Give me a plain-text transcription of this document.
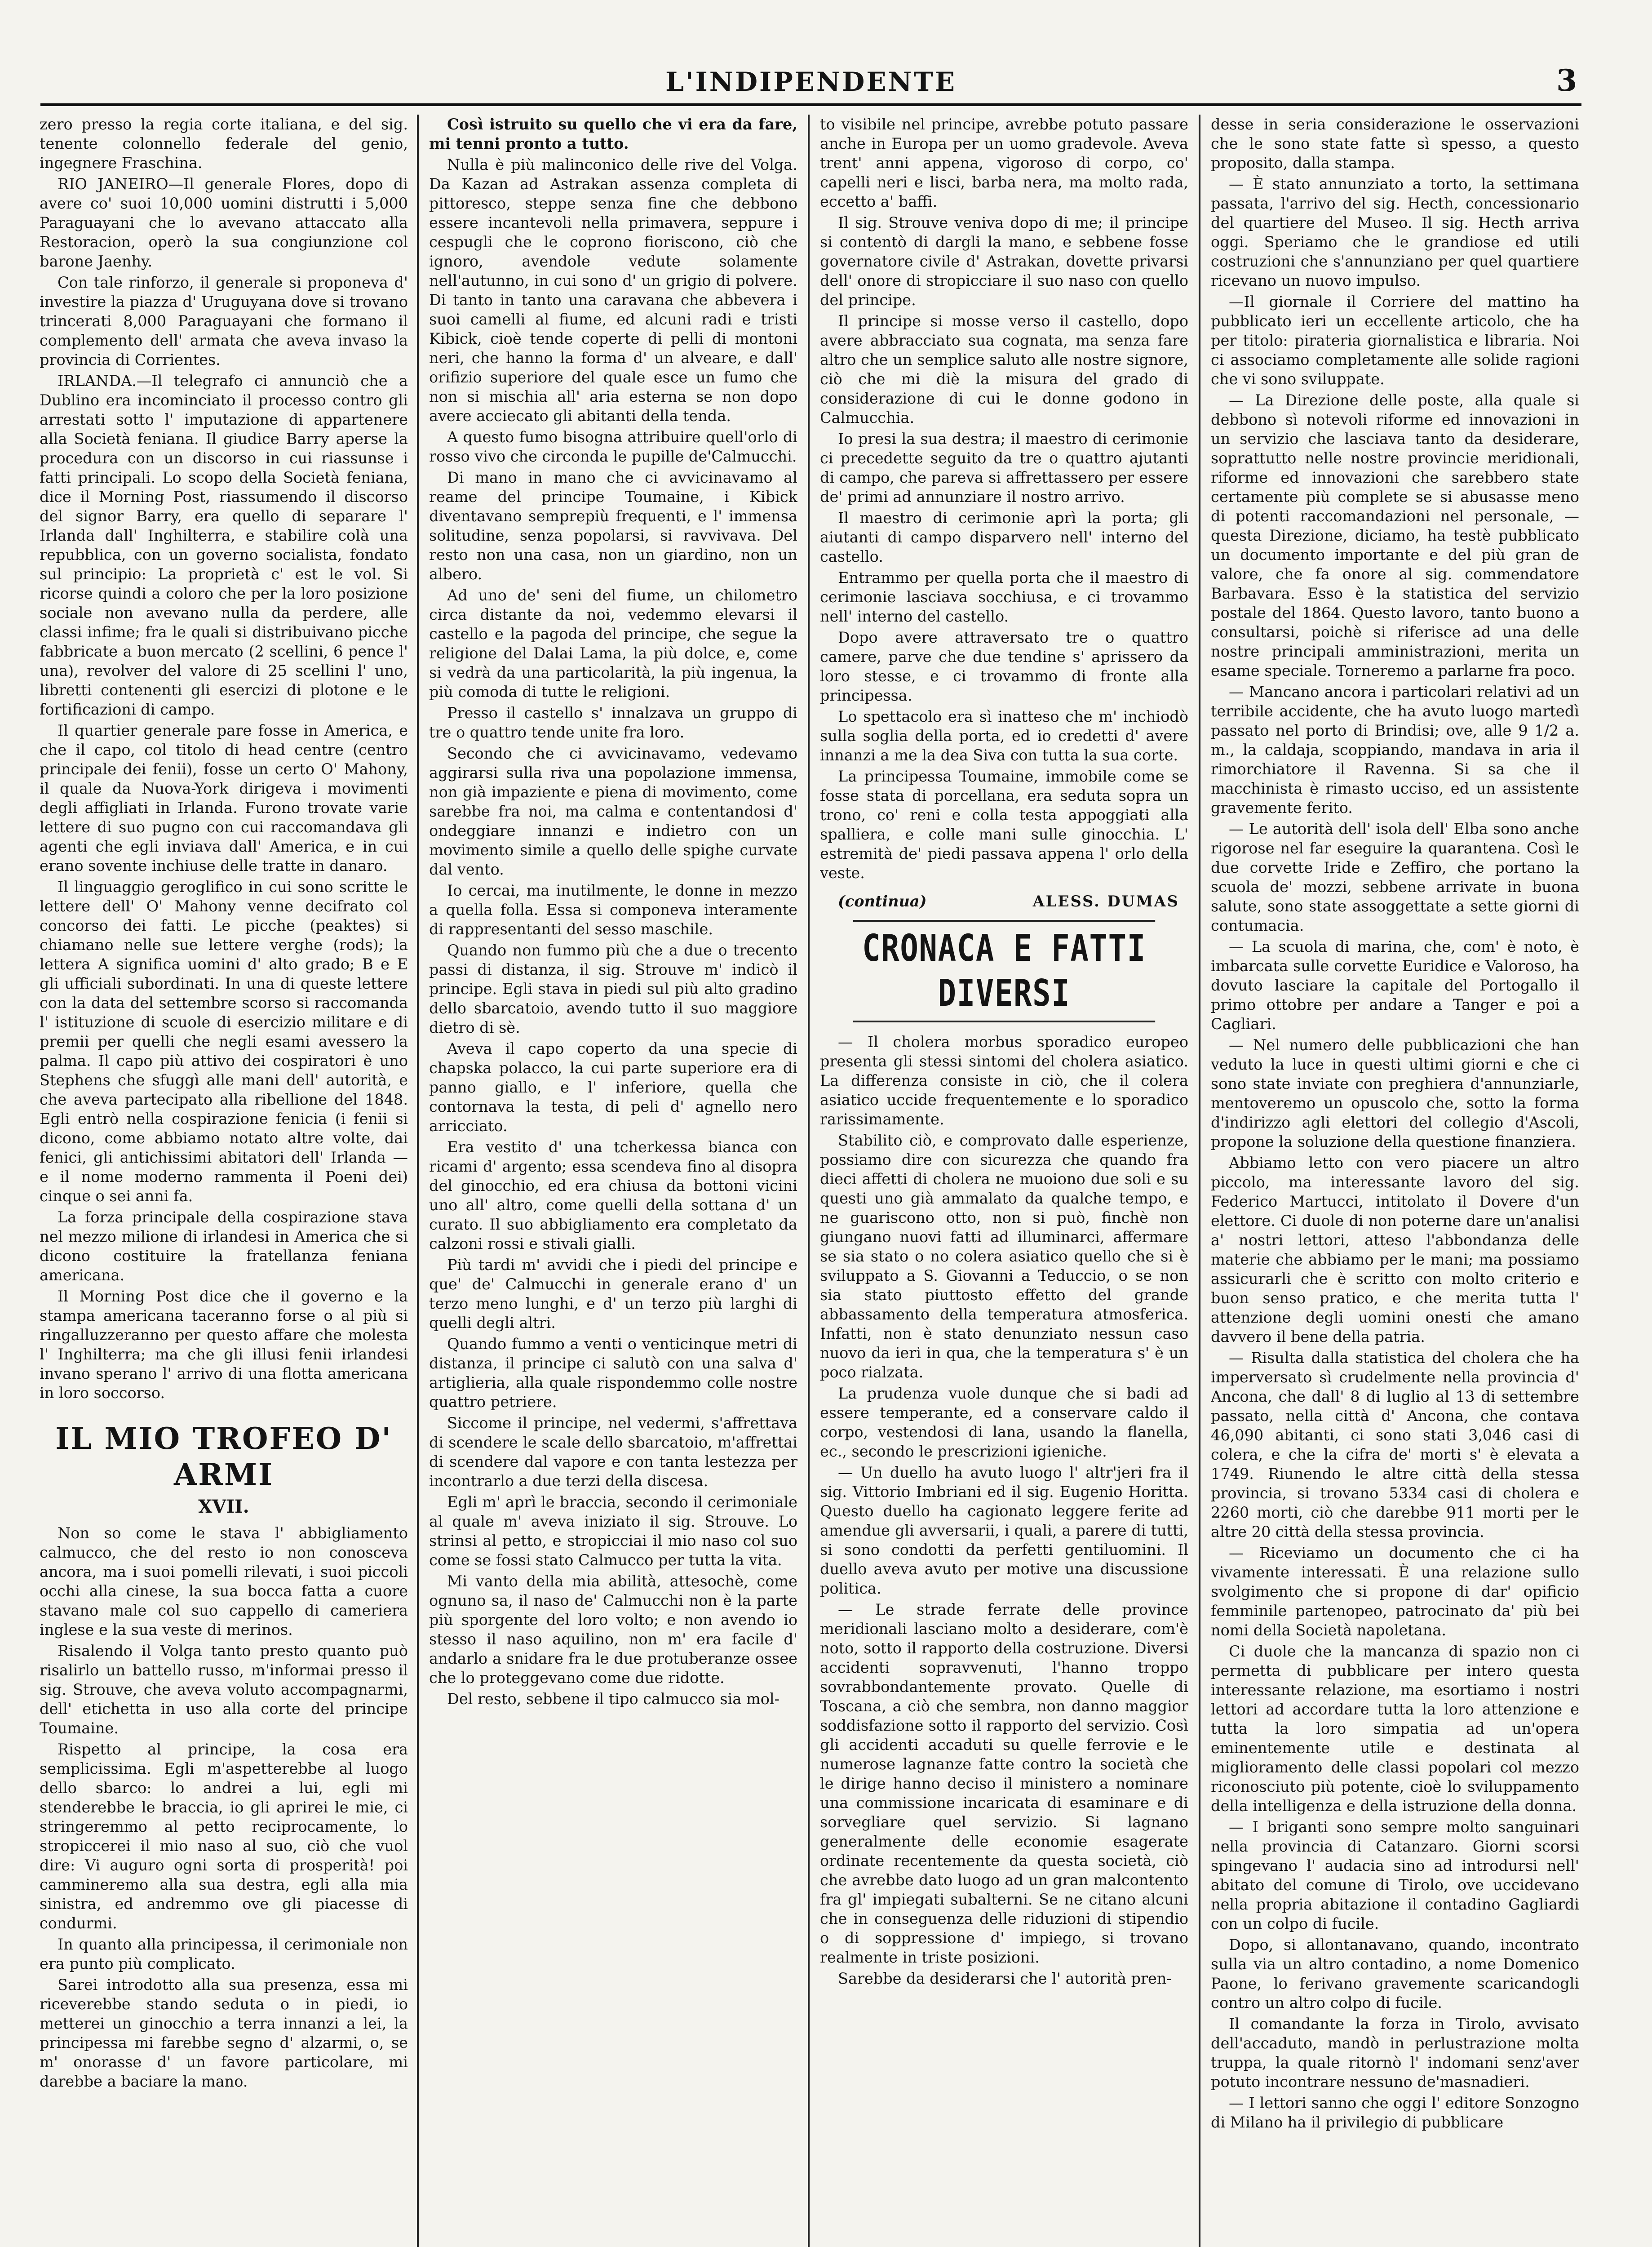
L'INDIPENDENTE	3

zero presso la regia corte italiana, e del sig. tenente colonnello federale del genio, ingegnere Fraschina.

RIO JANEIRO—Il generale Flores, dopo di avere co' suoi 10,000 uomini distrutti i 5,000 Paraguayani che lo avevano attaccato alla Restoracion, operò la sua congiunzione col barone Jaenhy.

Con tale rinforzo, il generale si proponeva d' investire la piazza d' Uruguyana dove si trovano trincerati 8,000 Paraguayani che formano il complemento dell' armata che aveva invaso la provincia di Corrientes.

IRLANDA.—Il telegrafo ci annunciò che a Dublino era incominciato il processo contro gli arrestati sotto l' imputazione di appartenere alla Società feniana. Il giudice Barry aperse la procedura con un discorso in cui riassunse i fatti principali. Lo scopo della Società feniana, dice il Morning Post, riassumendo il discorso del signor Barry, era quello di separare l' Irlanda dall' Inghilterra, e stabilire colà una repubblica, con un governo socialista, fondato sul principio: La proprietà c' est le vol. Si ricorse quindi a coloro che per la loro posizione sociale non avevano nulla da perdere, alle classi infime; fra le quali si distribuivano picche fabbricate a buon mercato (2 scellini, 6 pence l' una), revolver del valore di 25 scellini l' uno, libretti contenenti gli esercizi di plotone e le fortificazioni di campo.

Il quartier generale pare fosse in America, e che il capo, col titolo di head centre (centro principale dei fenii), fosse un certo O' Mahony, il quale da Nuova-York dirigeva i movimenti degli affigliati in Irlanda. Furono trovate varie lettere di suo pugno con cui raccomandava gli agenti che egli inviava dall' America, e in cui erano sovente inchiuse delle tratte in danaro.

Il linguaggio geroglifico in cui sono scritte le lettere dell' O' Mahony venne decifrato col concorso dei fatti. Le picche (peaktes) si chiamano nelle sue lettere verghe (rods); la lettera A significa uomini d' alto grado; B e E gli ufficiali subordinati. In una di queste lettere con la data del settembre scorso si raccomanda l' istituzione di scuole di esercizio militare e di premii per quelli che negli esami avessero la palma. Il capo più attivo dei cospiratori è uno Stephens che sfuggì alle mani dell' autorità, e che aveva partecipato alla ribellione del 1848. Egli entrò nella cospirazione fenicia (i fenii si dicono, come abbiamo notato altre volte, dai fenici, gli antichissimi abitatori dell' Irlanda — e il nome moderno rammenta il Poeni dei) cinque o sei anni fa.

La forza principale della cospirazione stava nel mezzo milione di irlandesi in America che si dicono costituire la fratellanza feniana americana.

Il Morning Post dice che il governo e la stampa americana taceranno forse o al più si ringalluzzeranno per questo affare che molesta l' Inghilterra; ma che gli illusi fenii irlandesi invano sperano l' arrivo di una flotta americana in loro soccorso.

IL MIO TROFEO D' ARMI
XVII.

Non so come le stava l' abbigliamento calmucco, che del resto io non conosceva ancora, ma i suoi pomelli rilevati, i suoi piccoli occhi alla cinese, la sua bocca fatta a cuore stavano male col suo cappello di cameriera inglese e la sua veste di merinos.

Risalendo il Volga tanto presto quanto può risalirlo un battello russo, m'informai presso il sig. Strouve, che aveva voluto accompagnarmi, dell' etichetta in uso alla corte del principe Toumaine.

Rispetto al principe, la cosa era semplicissima. Egli m'aspetterebbe al luogo dello sbarco: lo andrei a lui, egli mi stenderebbe le braccia, io gli aprirei le mie, ci stringeremmo al petto reciprocamente, lo stropiccerei il mio naso al suo, ciò che vuol dire: Vi auguro ogni sorta di prosperità! poi cammineremo alla sua destra, egli alla mia sinistra, ed andremmo ove gli piacesse di condurmi.

In quanto alla principessa, il cerimoniale non era punto più complicato.

Sarei introdotto alla sua presenza, essa mi riceverebbe stando seduta o in piedi, io metterei un ginocchio a terra innanzi a lei, la principessa mi farebbe segno d' alzarmi, o, se m' onorasse d' un favore particolare, mi darebbe a baciare la mano.

Così istruito su quello che vi era da fare, mi tenni pronto a tutto.

Nulla è più malinconico delle rive del Volga. Da Kazan ad Astrakan assenza completa di pittoresco, steppe senza fine che debbono essere incantevoli nella primavera, seppure i cespugli che le coprono fioriscono, ciò che ignoro, avendole vedute solamente nell'autunno, in cui sono d' un grigio di polvere. Di tanto in tanto una caravana che abbevera i suoi camelli al fiume, ed alcuni radi e tristi Kibick, cioè tende coperte di pelli di montoni neri, che hanno la forma d' un alveare, e dall' orifizio superiore del quale esce un fumo che non si mischia all' aria esterna se non dopo avere acciecato gli abitanti della tenda.

A questo fumo bisogna attribuire quell'orlo di rosso vivo che circonda le pupille de'Calmucchi.

Di mano in mano che ci avvicinavamo al reame del principe Toumaine, i Kibick diventavano semprepiù frequenti, e l' immensa solitudine, senza popolarsi, si ravvivava. Del resto non una casa, non un giardino, non un albero.

Ad uno de' seni del fiume, un chilometro circa distante da noi, vedemmo elevarsi il castello e la pagoda del principe, che segue la religione del Dalai Lama, la più dolce, e, come si vedrà da una particolarità, la più ingenua, la più comoda di tutte le religioni.

Presso il castello s' innalzava un gruppo di tre o quattro tende unite fra loro.

Secondo che ci avvicinavamo, vedevamo aggirarsi sulla riva una popolazione immensa, non già impaziente e piena di movimento, come sarebbe fra noi, ma calma e contentandosi d' ondeggiare innanzi e indietro con un movimento simile a quello delle spighe curvate dal vento.

Io cercai, ma inutilmente, le donne in mezzo a quella folla. Essa si componeva interamente di rappresentanti del sesso maschile.

Quando non fummo più che a due o trecento passi di distanza, il sig. Strouve m' indicò il principe. Egli stava in piedi sul più alto gradino dello sbarcatoio, avendo tutto il suo maggiore dietro di sè.

Aveva il capo coperto da una specie di chapska polacco, la cui parte superiore era di panno giallo, e l' inferiore, quella che contornava la testa, di peli d' agnello nero arricciato.

Era vestito d' una tcherkessa bianca con ricami d' argento; essa scendeva fino al disopra del ginocchio, ed era chiusa da bottoni vicini uno all' altro, come quelli della sottana d' un curato. Il suo abbigliamento era completato da calzoni rossi e stivali gialli.

Più tardi m' avvidi che i piedi del principe e que' de' Calmucchi in generale erano d' un terzo meno lunghi, e d' un terzo più larghi di quelli degli altri.

Quando fummo a venti o venticinque metri di distanza, il principe ci salutò con una salva d' artiglieria, alla quale rispondemmo colle nostre quattro petriere.

Siccome il principe, nel vedermi, s'affrettava di scendere le scale dello sbarcatoio, m'affrettai di scendere dal vapore e con tanta lestezza per incontrarlo a due terzi della discesa.

Egli m' aprì le braccia, secondo il cerimoniale al quale m' aveva iniziato il sig. Strouve. Lo strinsi al petto, e stropicciai il mio naso col suo come se fossi stato Calmucco per tutta la vita.

Mi vanto della mia abilità, attesochè, come ognuno sa, il naso de' Calmucchi non è la parte più sporgente del loro volto; e non avendo io stesso il naso aquilino, non m' era facile d' andarlo a snidare fra le due protuberanze ossee che lo proteggevano come due ridotte.

Del resto, sebbene il tipo calmucco sia mol-

to visibile nel principe, avrebbe potuto passare anche in Europa per un uomo gradevole. Aveva trent' anni appena, vigoroso di corpo, co' capelli neri e lisci, barba nera, ma molto rada, eccetto a' baffi.

Il sig. Strouve veniva dopo di me; il principe si contentò di dargli la mano, e sebbene fosse governatore civile d' Astrakan, dovette privarsi dell' onore di stropicciare il suo naso con quello del principe.

Il principe si mosse verso il castello, dopo avere abbracciato sua cognata, ma senza fare altro che un semplice saluto alle nostre signore, ciò che mi diè la misura del grado di considerazione di cui le donne godono in Calmucchia.

Io presi la sua destra; il maestro di cerimonie ci precedette seguito da tre o quattro ajutanti di campo, che pareva si affrettassero per essere de' primi ad annunziare il nostro arrivo.

Il maestro di cerimonie aprì la porta; gli aiutanti di campo disparvero nell' interno del castello.

Entrammo per quella porta che il maestro di cerimonie lasciava socchiusa, e ci trovammo nell' interno del castello.

Dopo avere attraversato tre o quattro camere, parve che due tendine s' aprissero da loro stesse, e ci trovammo di fronte alla principessa.

Lo spettacolo era sì inatteso che m' inchiodò sulla soglia della porta, ed io credetti d' avere innanzi a me la dea Siva con tutta la sua corte.

La principessa Toumaine, immobile come se fosse stata di porcellana, era seduta sopra un trono, co' reni e colla testa appoggiati alla spalliera, e colle mani sulle ginocchia. L' estremità de' piedi passava appena l' orlo della veste.

(continua)	ALESS. DUMAS
CRONACA E FATTI DIVERSI

— Il cholera morbus sporadico europeo presenta gli stessi sintomi del cholera asiatico. La differenza consiste in ciò, che il colera asiatico uccide frequentemente e lo sporadico rarissimamente.

Stabilito ciò, e comprovato dalle esperienze, possiamo dire con sicurezza che quando fra dieci affetti di cholera ne muoiono due soli e su questi uno già ammalato da qualche tempo, e ne guariscono otto, non si può, finchè non giungano nuovi fatti ad illuminarci, affermare se sia stato o no colera asiatico quello che si è sviluppato a S. Giovanni a Teduccio, o se non sia stato piuttosto effetto del grande abbassamento della temperatura atmosferica. Infatti, non è stato denunziato nessun caso nuovo da ieri in qua, che la temperatura s' è un poco rialzata.

La prudenza vuole dunque che si badi ad essere temperante, ed a conservare caldo il corpo, vestendosi di lana, usando la flanella, ec., secondo le prescrizioni igieniche.

— Un duello ha avuto luogo l' altr'jeri fra il sig. Vittorio Imbriani ed il sig. Eugenio Horitta. Questo duello ha cagionato leggere ferite ad amendue gli avversarii, i quali, a parere di tutti, si sono condotti da perfetti gentiluomini. Il duello aveva avuto per motive una discussione politica.

— Le strade ferrate delle province meridionali lasciano molto a desiderare, com'è noto, sotto il rapporto della costruzione. Diversi accidenti sopravvenuti, l'hanno troppo sovrabbondantemente provato. Quelle di Toscana, a ciò che sembra, non danno maggior soddisfazione sotto il rapporto del servizio. Così gli accidenti accaduti su quelle ferrovie e le numerose lagnanze fatte contro la società che le dirige hanno deciso il ministero a nominare una commissione incaricata di esaminare e di sorvegliare quel servizio. Si lagnano generalmente delle economie esagerate ordinate recentemente da questa società, ciò che avrebbe dato luogo ad un gran malcontento fra gl' impiegati subalterni. Se ne citano alcuni che in conseguenza delle riduzioni di stipendio o di soppressione d' impiego, si trovano realmente in triste posizioni.

Sarebbe da desiderarsi che l' autorità pren-

desse in seria considerazione le osservazioni che le sono state fatte sì spesso, a questo proposito, dalla stampa.

— È stato annunziato a torto, la settimana passata, l'arrivo del sig. Hecth, concessionario del quartiere del Museo. Il sig. Hecth arriva oggi. Speriamo che le grandiose ed utili costruzioni che s'annunziano per quel quartiere ricevano un nuovo impulso.

—Il giornale il Corriere del mattino ha pubblicato ieri un eccellente articolo, che ha per titolo: pirateria giornalistica e libraria. Noi ci associamo completamente alle solide ragioni che vi sono sviluppate.

— La Direzione delle poste, alla quale si debbono sì notevoli riforme ed innovazioni in un servizio che lasciava tanto da desiderare, soprattutto nelle nostre provincie meridionali, riforme ed innovazioni che sarebbero state certamente più complete se si abusasse meno di potenti raccomandazioni nel personale, — questa Direzione, diciamo, ha testè pubblicato un documento importante e del più gran de valore, che fa onore al sig. commendatore Barbavara. Esso è la statistica del servizio postale del 1864. Questo lavoro, tanto buono a consultarsi, poichè si riferisce ad una delle nostre principali amministrazioni, merita un esame speciale. Torneremo a parlarne fra poco.

— Mancano ancora i particolari relativi ad un terribile accidente, che ha avuto luogo martedì passato nel porto di Brindisi; ove, alle 9 1/2 a. m., la caldaja, scoppiando, mandava in aria il rimorchiatore il Ravenna. Si sa che il macchinista è rimasto ucciso, ed un assistente gravemente ferito.

— Le autorità dell' isola dell' Elba sono anche rigorose nel far eseguire la quarantena. Così le due corvette Iride e Zeffiro, che portano la scuola de' mozzi, sebbene arrivate in buona salute, sono state assoggettate a sette giorni di contumacia.

— La scuola di marina, che, com' è noto, è imbarcata sulle corvette Euridice e Valoroso, ha dovuto lasciare la capitale del Portogallo il primo ottobre per andare a Tanger e poi a Cagliari.

— Nel numero delle pubblicazioni che han veduto la luce in questi ultimi giorni e che ci sono state inviate con preghiera d'annunziarle, mentoveremo un opuscolo che, sotto la forma d'indirizzo agli elettori del collegio d'Ascoli, propone la soluzione della questione finanziera.

Abbiamo letto con vero piacere un altro piccolo, ma interessante lavoro del sig. Federico Martucci, intitolato il Dovere d'un elettore. Ci duole di non poterne dare un'analisi a' nostri lettori, atteso l'abbondanza delle materie che abbiamo per le mani; ma possiamo assicurarli che è scritto con molto criterio e buon senso pratico, e che merita tutta l' attenzione degli uomini onesti che amano davvero il bene della patria.

— Risulta dalla statistica del cholera che ha imperversato sì crudelmente nella provincia d' Ancona, che dall' 8 di luglio al 13 di settembre passato, nella città d' Ancona, che contava 46,090 abitanti, ci sono stati 3,046 casi di colera, e che la cifra de' morti s' è elevata a 1749. Riunendo le altre città della stessa provincia, si trovano 5334 casi di cholera e 2260 morti, ciò che darebbe 911 morti per le altre 20 città della stessa provincia.

— Riceviamo un documento che ci ha vivamente interessati. È una relazione sullo svolgimento che si propone di dar' opificio femminile partenopeo, patrocinato da' più bei nomi della Società napoletana.

Ci duole che la mancanza di spazio non ci permetta di pubblicare per intero questa interessante relazione, ma esortiamo i nostri lettori ad accordare tutta la loro attenzione e tutta la loro simpatia ad un'opera eminentemente utile e destinata al miglioramento delle classi popolari col mezzo riconosciuto più potente, cioè lo sviluppamento della intelligenza e della istruzione della donna.

— I briganti sono sempre molto sanguinari nella provincia di Catanzaro. Giorni scorsi spingevano l' audacia sino ad introdursi nell' abitato del comune di Tirolo, ove uccidevano nella propria abitazione il contadino Gagliardi con un colpo di fucile.

Dopo, si allontanavano, quando, incontrato sulla via un altro contadino, a nome Domenico Paone, lo ferivano gravemente scaricandogli contro un altro colpo di fucile.

Il comandante la forza in Tirolo, avvisato dell'accaduto, mandò in perlustrazione molta truppa, la quale ritornò l' indomani senz'aver potuto incontrare nessuno de'masnadieri.

— I lettori sanno che oggi l' editore Sonzogno di Milano ha il privilegio di pubblicare
